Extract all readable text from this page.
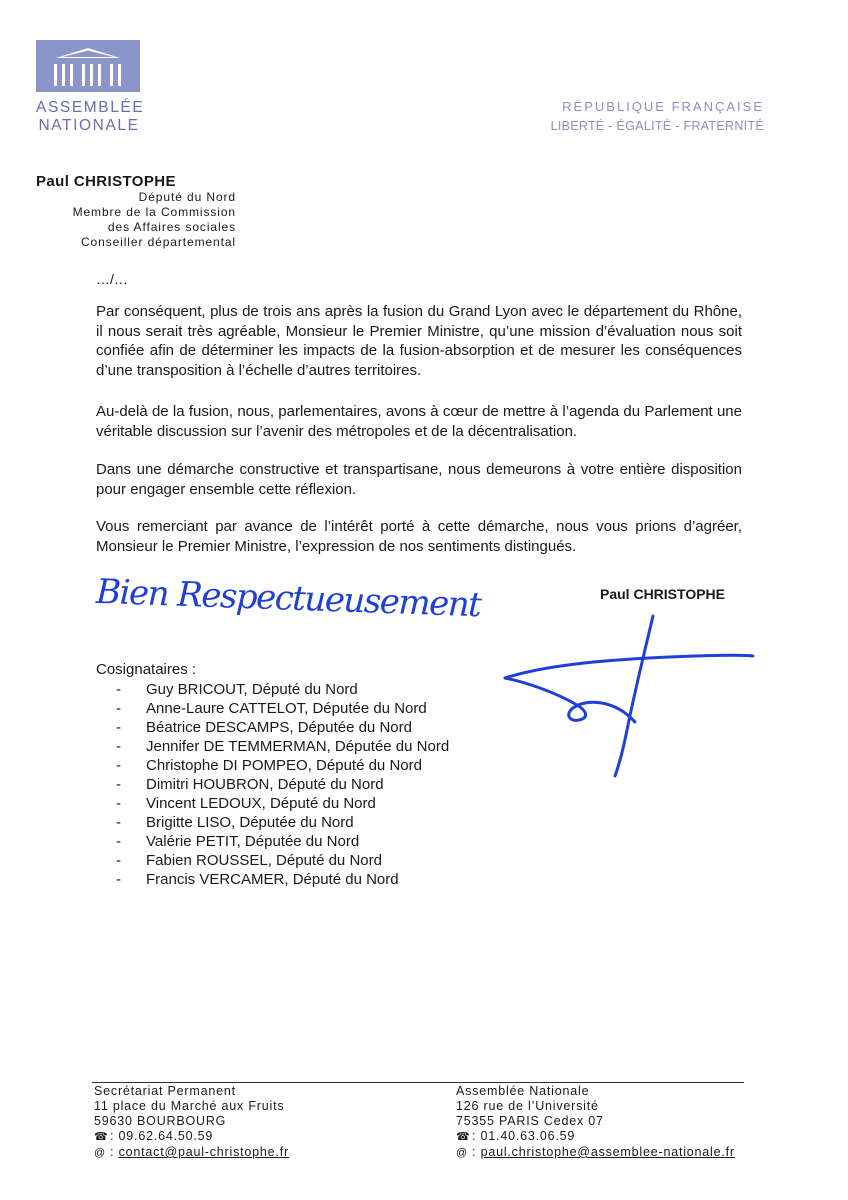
ASSEMBLÉE
NATIONALE
RÉPUBLIQUE FRANÇAISE
LIBERTÉ - ÉGALITÉ - FRATERNITÉ
Paul CHRISTOPHE
Député du Nord
Membre de la Commission
des Affaires sociales
Conseiller départemental
…/…

Par conséquent, plus de trois ans après la fusion du Grand Lyon avec le département du Rhône, il nous serait très agréable, Monsieur le Premier Ministre, qu’une mission d’évaluation nous soit confiée afin de déterminer les impacts de la fusion-absorption et de mesurer les conséquences d’une transposition à l’échelle d’autres territoires.

Au-delà de la fusion, nous, parlementaires, avons à cœur de mettre à l’agenda du Parlement une véritable discussion sur l’avenir des métropoles et de la décentralisation.

Dans une démarche constructive et transpartisane, nous demeurons à votre entière disposition pour engager ensemble cette réflexion.

Vous remerciant par avance de l’intérêt porté à cette démarche, nous vous prions d’agréer, Monsieur le Premier Ministre, l’expression de nos sentiments distingués.

Bien Respectueusement	Paul CHRISTOPHE
Cosignataires :
- Guy BRICOUT, Député du Nord
- Anne-Laure CATTELOT, Députée du Nord
- Béatrice DESCAMPS, Députée du Nord
- Jennifer DE TEMMERMAN, Députée du Nord
- Christophe DI POMPEO, Député du Nord
- Dimitri HOUBRON, Député du Nord
- Vincent LEDOUX, Député du Nord
- Brigitte LISO, Députée du Nord
- Valérie PETIT, Députée du Nord
- Fabien ROUSSEL, Député du Nord
- Francis VERCAMER, Député du Nord
Secrétariat Permanent
11 place du Marché aux Fruits
59630 BOURBOURG
☎: 09.62.64.50.59
@ : contact@paul-christophe.fr
Assemblée Nationale
126 rue de l’Université
75355 PARIS Cedex 07
☎: 01.40.63.06.59
@ : paul.christophe@assemblee-nationale.fr
